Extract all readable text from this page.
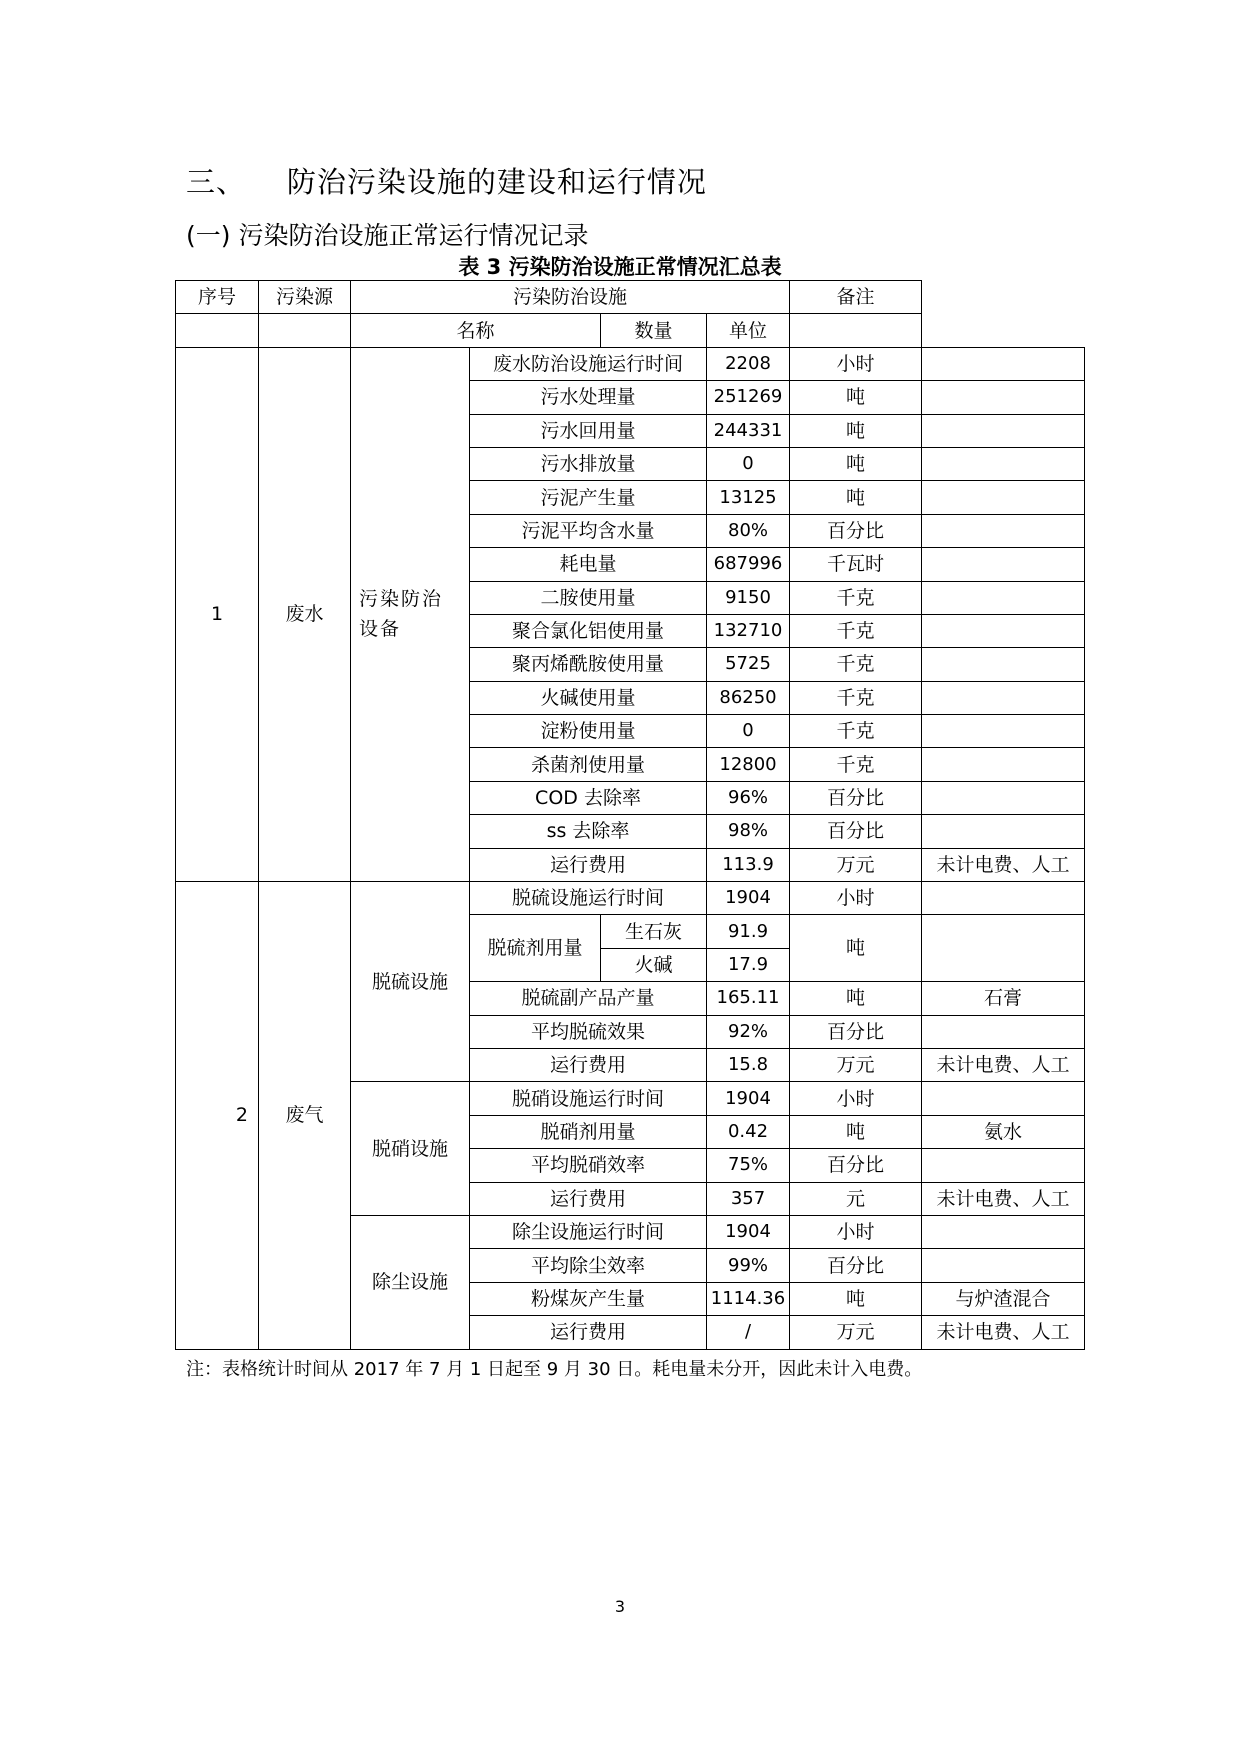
三、    防治污染设施的建设和运行情况
(一) 污染防治设施正常运行情况记录
表 3 污染防治设施正常情况汇总表
序号	污染源	污染防治设施				备注	
		名称		数量	单位		
1	废水	污染防治设备	废水防治设施运行时间		2208	小时	
			污水处理量		251269	吨	
			污水回用量		244331	吨	
			污水排放量		0	吨	
			污泥产生量		13125	吨	
			污泥平均含水量		80%	百分比	
			耗电量		687996	千瓦时	
			二胺使用量		9150	千克	
			聚合氯化铝使用量		132710	千克	
			聚丙烯酰胺使用量		5725	千克	
			火碱使用量		86250	千克	
			淀粉使用量		0	千克	
			杀菌剂使用量		12800	千克	
			COD 去除率		96%	百分比	
			ss 去除率		98%	百分比	
			运行费用		113.9	万元	未计电费、人工
2	废气	脱硫设施	脱硫设施运行时间		1904	小时	
			脱硫剂用量	生石灰	91.9	吨	
				火碱	17.9		
			脱硫副产品产量		165.11	吨	石膏
			平均脱硫效果		92%	百分比	
			运行费用		15.8	万元	未计电费、人工
		脱硝设施	脱硝设施运行时间		1904	小时	
			脱硝剂用量		0.42	吨	氨水
			平均脱硝效率		75%	百分比	
			运行费用		357	元	未计电费、人工
		除尘设施	除尘设施运行时间		1904	小时	
			平均除尘效率		99%	百分比	
			粉煤灰产生量		1114.36	吨	与炉渣混合
			运行费用		/	万元	未计电费、人工
注：表格统计时间从 2017 年 7 月 1 日起至 9 月 30 日。耗电量未分开，因此未计入电费。
3
